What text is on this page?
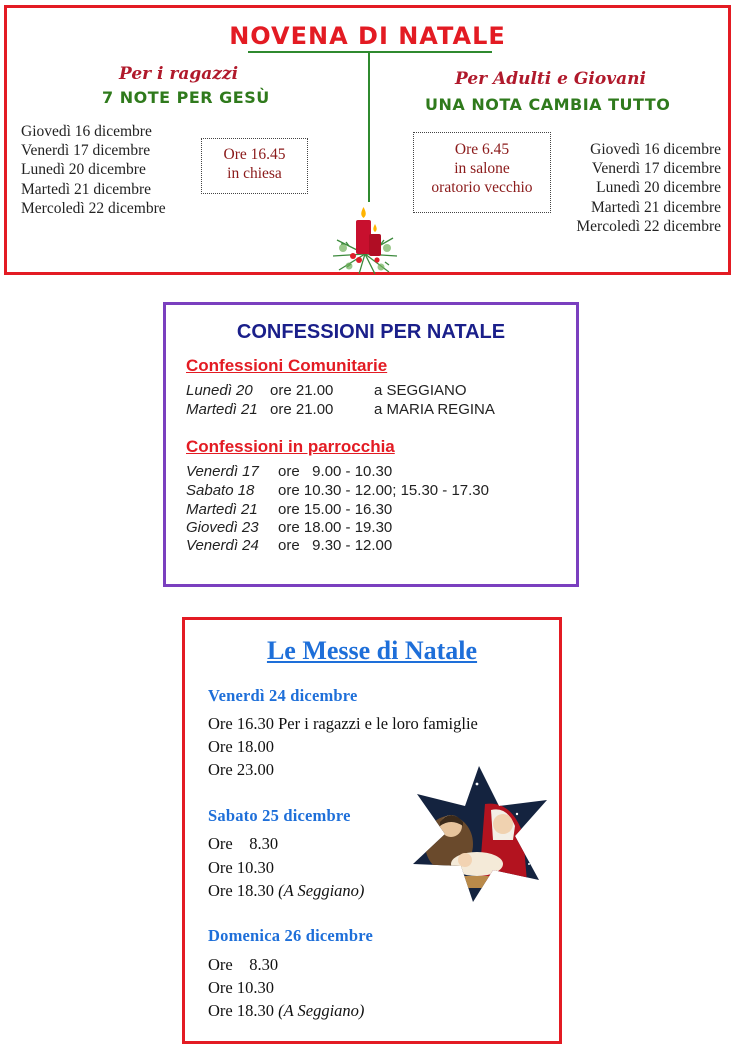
NOVENA DI NATALE

Per i ragazzi

7 NOTE PER GESÙ

Giovedì 16 dicembre
Venerdì 17 dicembre
Lunedì 20 dicembre
Martedì 21 dicembre
Mercoledì 22 dicembre
Ore 16.45
in chiesa

Per Adulti e Giovani

UNA NOTA CAMBIA TUTTO

Ore 6.45
in salone
oratorio vecchio
Giovedì 16 dicembre
Venerdì 17 dicembre
Lunedì 20 dicembre
Martedì 21 dicembre
Mercoledì 22 dicembre
CONFESSIONI PER NATALE

Confessioni Comunitarie

Lunedì 20 ore 21.00	a SEGGIANO
Martedì 21 ore 21.00	a MARIA REGINA

Confessioni in parrocchia

Venerdì 17 ore   9.00 - 10.30
Sabato 18 ore 10.30 - 12.00; 15.30 - 17.30
Martedì 21 ore 15.00 - 16.30
Giovedì 23 ore 18.00 - 19.30
Venerdì 24 ore   9.30 - 12.00
Le Messe di Natale

Venerdì 24 dicembre

Ore 16.30 Per i ragazzi e le loro famiglie

Ore 18.00

Ore 23.00

Sabato 25 dicembre

Ore    8.30

Ore 10.30

Ore 18.30 (A Seggiano)

Domenica 26 dicembre

Ore    8.30

Ore 10.30

Ore 18.30 (A Seggiano)
